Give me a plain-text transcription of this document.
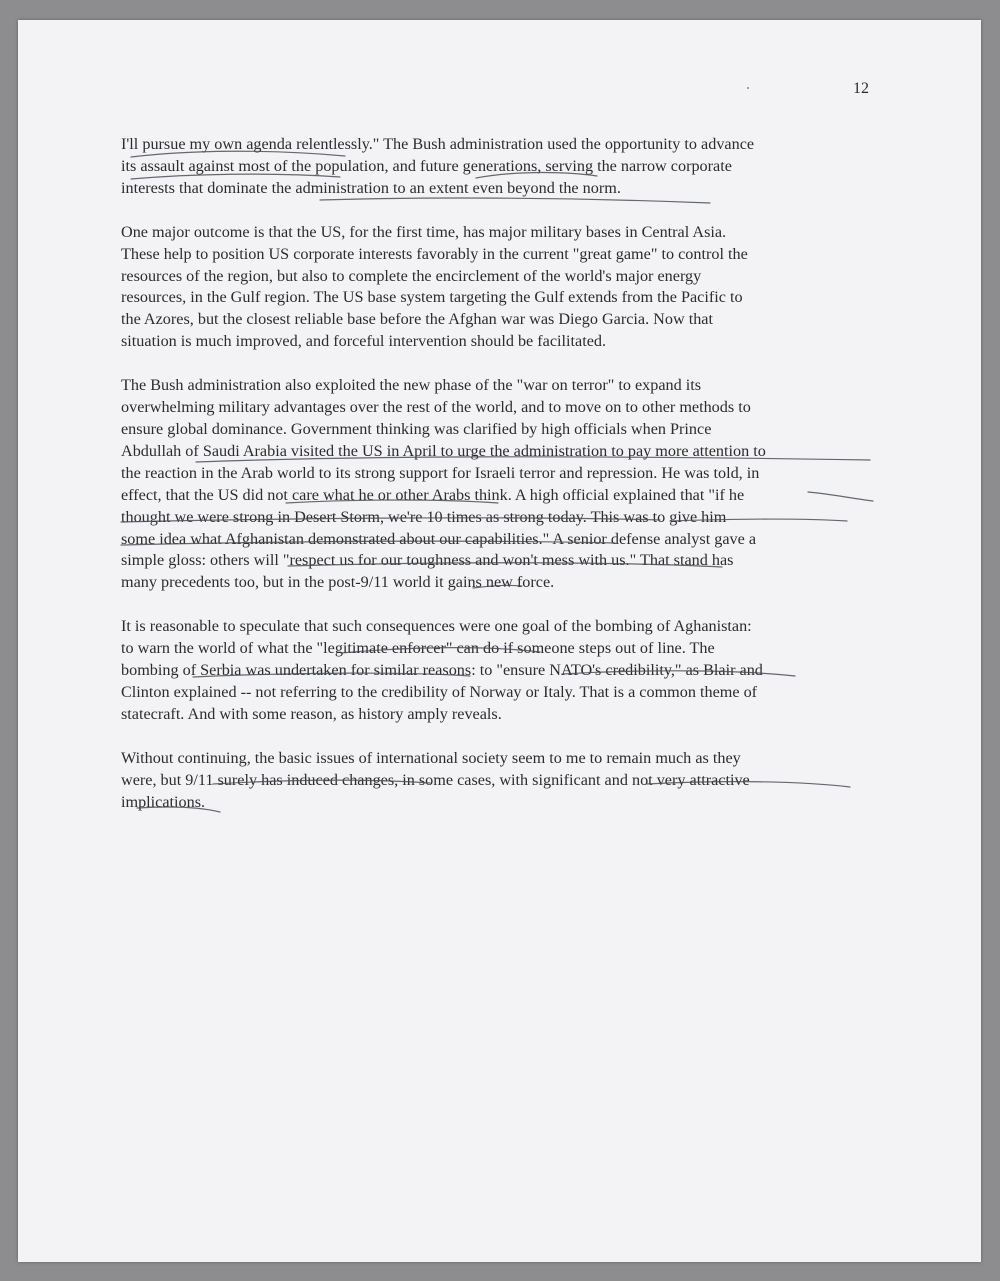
12

I'll pursue my own agenda relentlessly." The Bush administration used the opportunity to advance
its assault against most of the population, and future generations, serving the narrow corporate
interests that dominate the administration to an extent even beyond the norm.

One major outcome is that the US, for the first time, has major military bases in Central Asia.
These help to position US corporate interests favorably in the current "great game" to control the
resources of the region, but also to complete the encirclement of the world's major energy
resources, in the Gulf region. The US base system targeting the Gulf extends from the Pacific to
the Azores, but the closest reliable base before the Afghan war was Diego Garcia. Now that
situation is much improved, and forceful intervention should be facilitated.

The Bush administration also exploited the new phase of the "war on terror" to expand its
overwhelming military advantages over the rest of the world, and to move on to other methods to
ensure global dominance. Government thinking was clarified by high officials when Prince
Abdullah of Saudi Arabia visited the US in April to urge the administration to pay more attention to
the reaction in the Arab world to its strong support for Israeli terror and repression. He was told, in
effect, that the US did not care what he or other Arabs think. A high official explained that "if he
thought we were strong in Desert Storm, we're 10 times as strong today. This was to give him
some idea what Afghanistan demonstrated about our capabilities." A senior defense analyst gave a
simple gloss: others will "respect us for our toughness and won't mess with us." That stand has
many precedents too, but in the post-9/11 world it gains new force.

It is reasonable to speculate that such consequences were one goal of the bombing of Aghanistan:
to warn the world of what the "legitimate enforcer" can do if someone steps out of line. The
bombing of Serbia was undertaken for similar reasons: to "ensure NATO's credibility," as Blair and
Clinton explained -- not referring to the credibility of Norway or Italy. That is a common theme of
statecraft. And with some reason, as history amply reveals.

Without continuing, the basic issues of international society seem to me to remain much as they
were, but 9/11 surely has induced changes, in some cases, with significant and not very attractive
implications.
